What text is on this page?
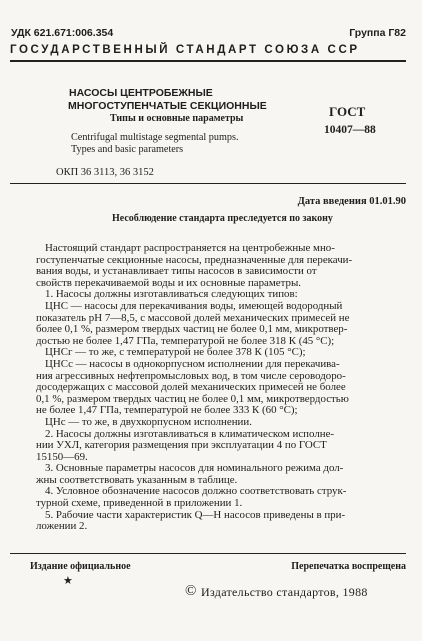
УДК 621.671:006.354	Группа Г82
ГОСУДАРСТВЕННЫЙ СТАНДАРТ СОЮЗА ССР
НАСОСЫ ЦЕНТРОБЕЖНЫЕ
МНОГОСТУПЕНЧАТЫЕ СЕКЦИОННЫЕ
Типы и основные параметры
Centrifugal multistage segmental pumps.
Types and basic parameters
ГОСТ
10407—88
ОКП 36 3113, 36 3152
Дата введения 01.01.90
Несоблюдение стандарта преследуется по закону
Настоящий стандарт распространяется на центробежные мно-
гоступенчатые секционные насосы, предназначенные для перекачи-
вания воды, и устанавливает типы насосов в зависимости от
свойств перекачиваемой воды и их основные параметры.
1. Насосы должны изготавливаться следующих типов:
ЦНС — насосы для перекачивания воды, имеющей водородный
показатель рН 7—8,5, с массовой долей механических примесей не
более 0,1 %, размером твердых частиц не более 0,1 мм, микротвер-
достью не более 1,47 ГПа, температурой не более 318 К (45 °С);
ЦНСг — то же, с температурой не более 378 К (105 °С);
ЦНСс — насосы в однокорпусном исполнении для перекачива-
ния агрессивных нефтепромысловых вод, в том числе сероводоро-
досодержащих с массовой долей механических примесей не более
0,1 %, размером твердых частиц не более 0,1 мм, микротвердостью
не более 1,47 ГПа, температурой не более 333 К (60 °С);
ЦНс — то же, в двухкорпусном исполнении.
2. Насосы должны изготавливаться в климатическом исполне-
нии УХЛ, категория размещения при эксплуатации 4 по ГОСТ
15150—69.
3. Основные параметры насосов для номинального режима дол-
жны соответствовать указанным в таблице.
4. Условное обозначение насосов должно соответствовать струк-
турной схеме, приведенной в приложении 1.
5. Рабочие части характеристик Q—H насосов приведены в при-
ложении 2.
Издание официальное
★
Перепечатка воспрещена
© Издательство стандартов, 1988
